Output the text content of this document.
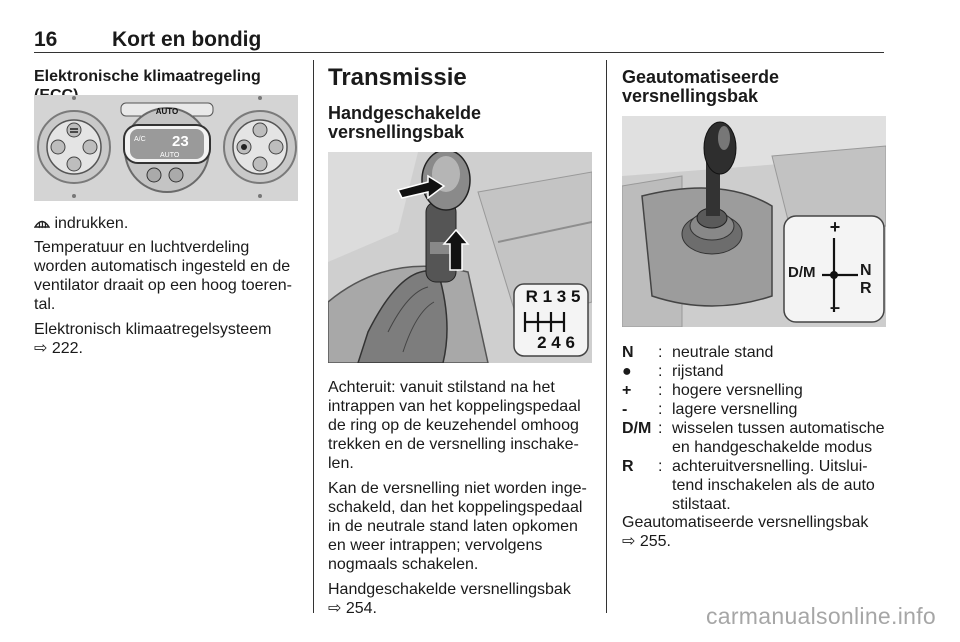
16	Kort en bondig
Elektronische klimaatregeling
AUTO
A/C 23
AUTO
indrukken.

Temperatuur en luchtverdeling worden automatisch ingesteld en de ventilator draait op een hoog toeren-tal.

Elektronisch klimaatregelsysteem
⇨ 222.

Transmissie
Handgeschakelde
versnellingsbak
R 1 3 5
2 4 6

Achteruit: vanuit stilstand na het intrappen van het koppelingspedaal de ring op de keuzehendel omhoog trekken en de versnelling inschake-len.

Kan de versnelling niet worden inge-schakeld, dan het koppelingspedaal in de neutrale stand laten opkomen en weer intrappen; vervolgens nogmaals schakelen.

Handgeschakelde versnellingsbak
⇨ 254.

Geautomatiseerde
versnellingsbak
+
–
D/M	N
R
N	: neutrale stand
●	: rijstand
+	: hogere versnelling
-	: lagere versnelling
D/M : wisselen tussen automatische en handgeschakelde modus
R	: achteruitversnelling. Uitslui-tend inschakelen als de auto stilstaat.
Geautomatiseerde versnellingsbak
⇨ 255.
carmanualsonline.info
